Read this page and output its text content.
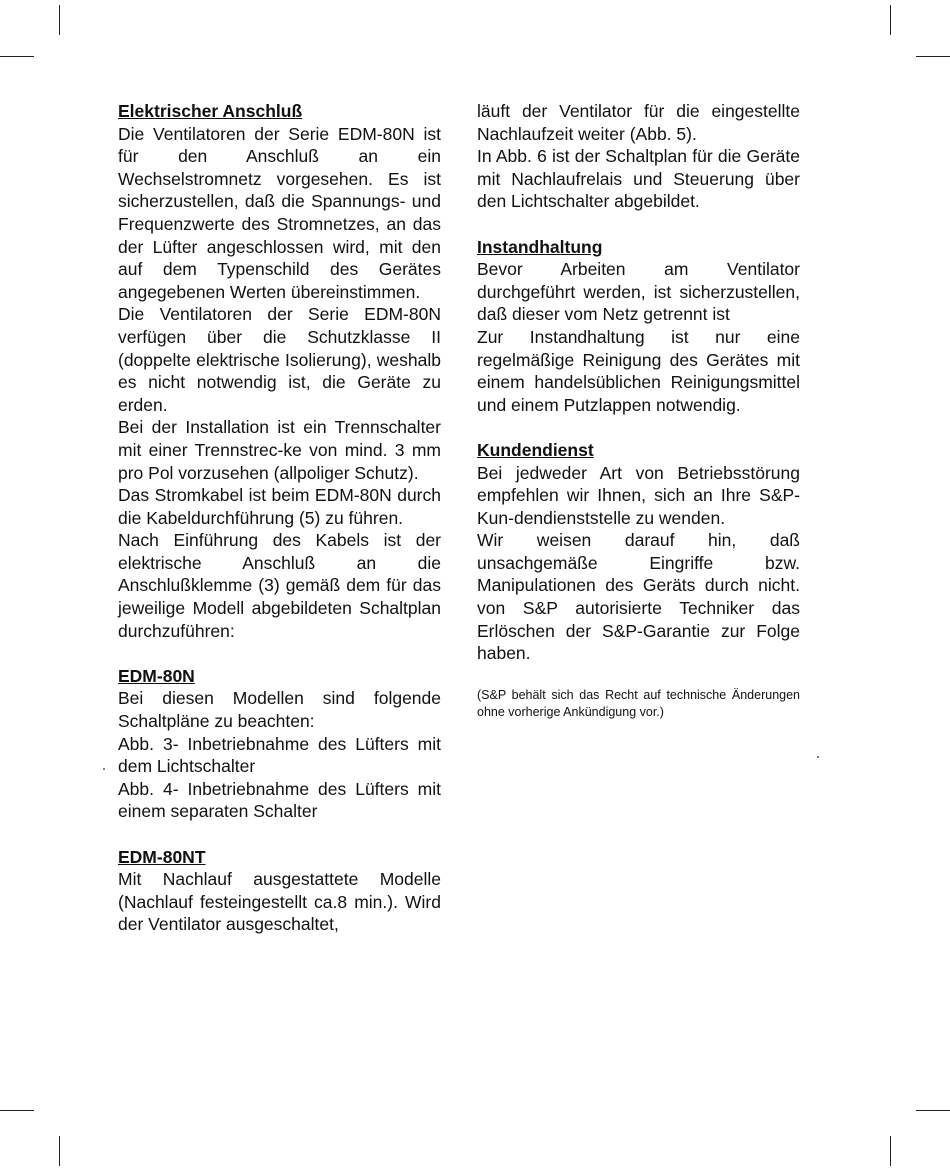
Elektrischer Anschluß

Die Ventilatoren der Serie EDM-80N ist für den Anschluß an ein Wechselstromnetz vorgesehen. Es ist sicherzustellen, daß die Spannungs- und Frequenzwerte des Stromnetzes, an das der Lüfter angeschlossen wird, mit den auf dem Typenschild des Gerätes angegebenen Werten übereinstimmen.

Die Ventilatoren der Serie EDM-80N verfügen über die Schutzklasse II (doppelte elektrische Isolierung), weshalb es nicht notwendig ist, die Geräte zu erden.

Bei der Installation ist ein Trennschalter mit einer Trennstrec-ke von mind. 3 mm pro Pol vorzusehen (allpoliger Schutz).

Das Stromkabel ist beim EDM-80N durch die Kabeldurchführung (5) zu führen.

Nach Einführung des Kabels ist der elektrische Anschluß an die Anschlußklemme (3) gemäß dem für das jeweilige Modell abgebildeten Schaltplan durchzuführen:

EDM-80N

Bei diesen Modellen sind folgende Schaltpläne zu beachten:

Abb. 3- Inbetriebnahme des Lüfters mit dem Lichtschalter

Abb. 4- Inbetriebnahme des Lüfters mit einem separaten Schalter

EDM-80NT

Mit Nachlauf ausgestattete Modelle (Nachlauf festeingestellt ca.8 min.). Wird der Ventilator ausgeschaltet,

läuft der Ventilator für die eingestellte Nachlaufzeit weiter (Abb. 5).

In Abb. 6 ist der Schaltplan für die Geräte mit Nachlaufrelais und Steuerung über den Lichtschalter abgebildet.

Instandhaltung

Bevor Arbeiten am Ventilator durchgeführt werden, ist sicherzustellen, daß dieser vom Netz getrennt ist

Zur Instandhaltung ist nur eine regelmäßige Reinigung des Gerätes mit einem handelsüblichen Reinigungsmittel und einem Putzlappen notwendig.

Kundendienst

Bei jedweder Art von Betriebsstörung empfehlen wir Ihnen, sich an Ihre S&P-Kun-dendienststelle zu wenden.

Wir weisen darauf hin, daß unsachgemäße Eingriffe bzw. Manipulationen des Geräts durch nicht. von S&P autorisierte Techniker das Erlöschen der S&P-Garantie zur Folge haben.

(S&P behält sich das Recht auf technische Änderungen ohne vorherige Ankündigung vor.)
